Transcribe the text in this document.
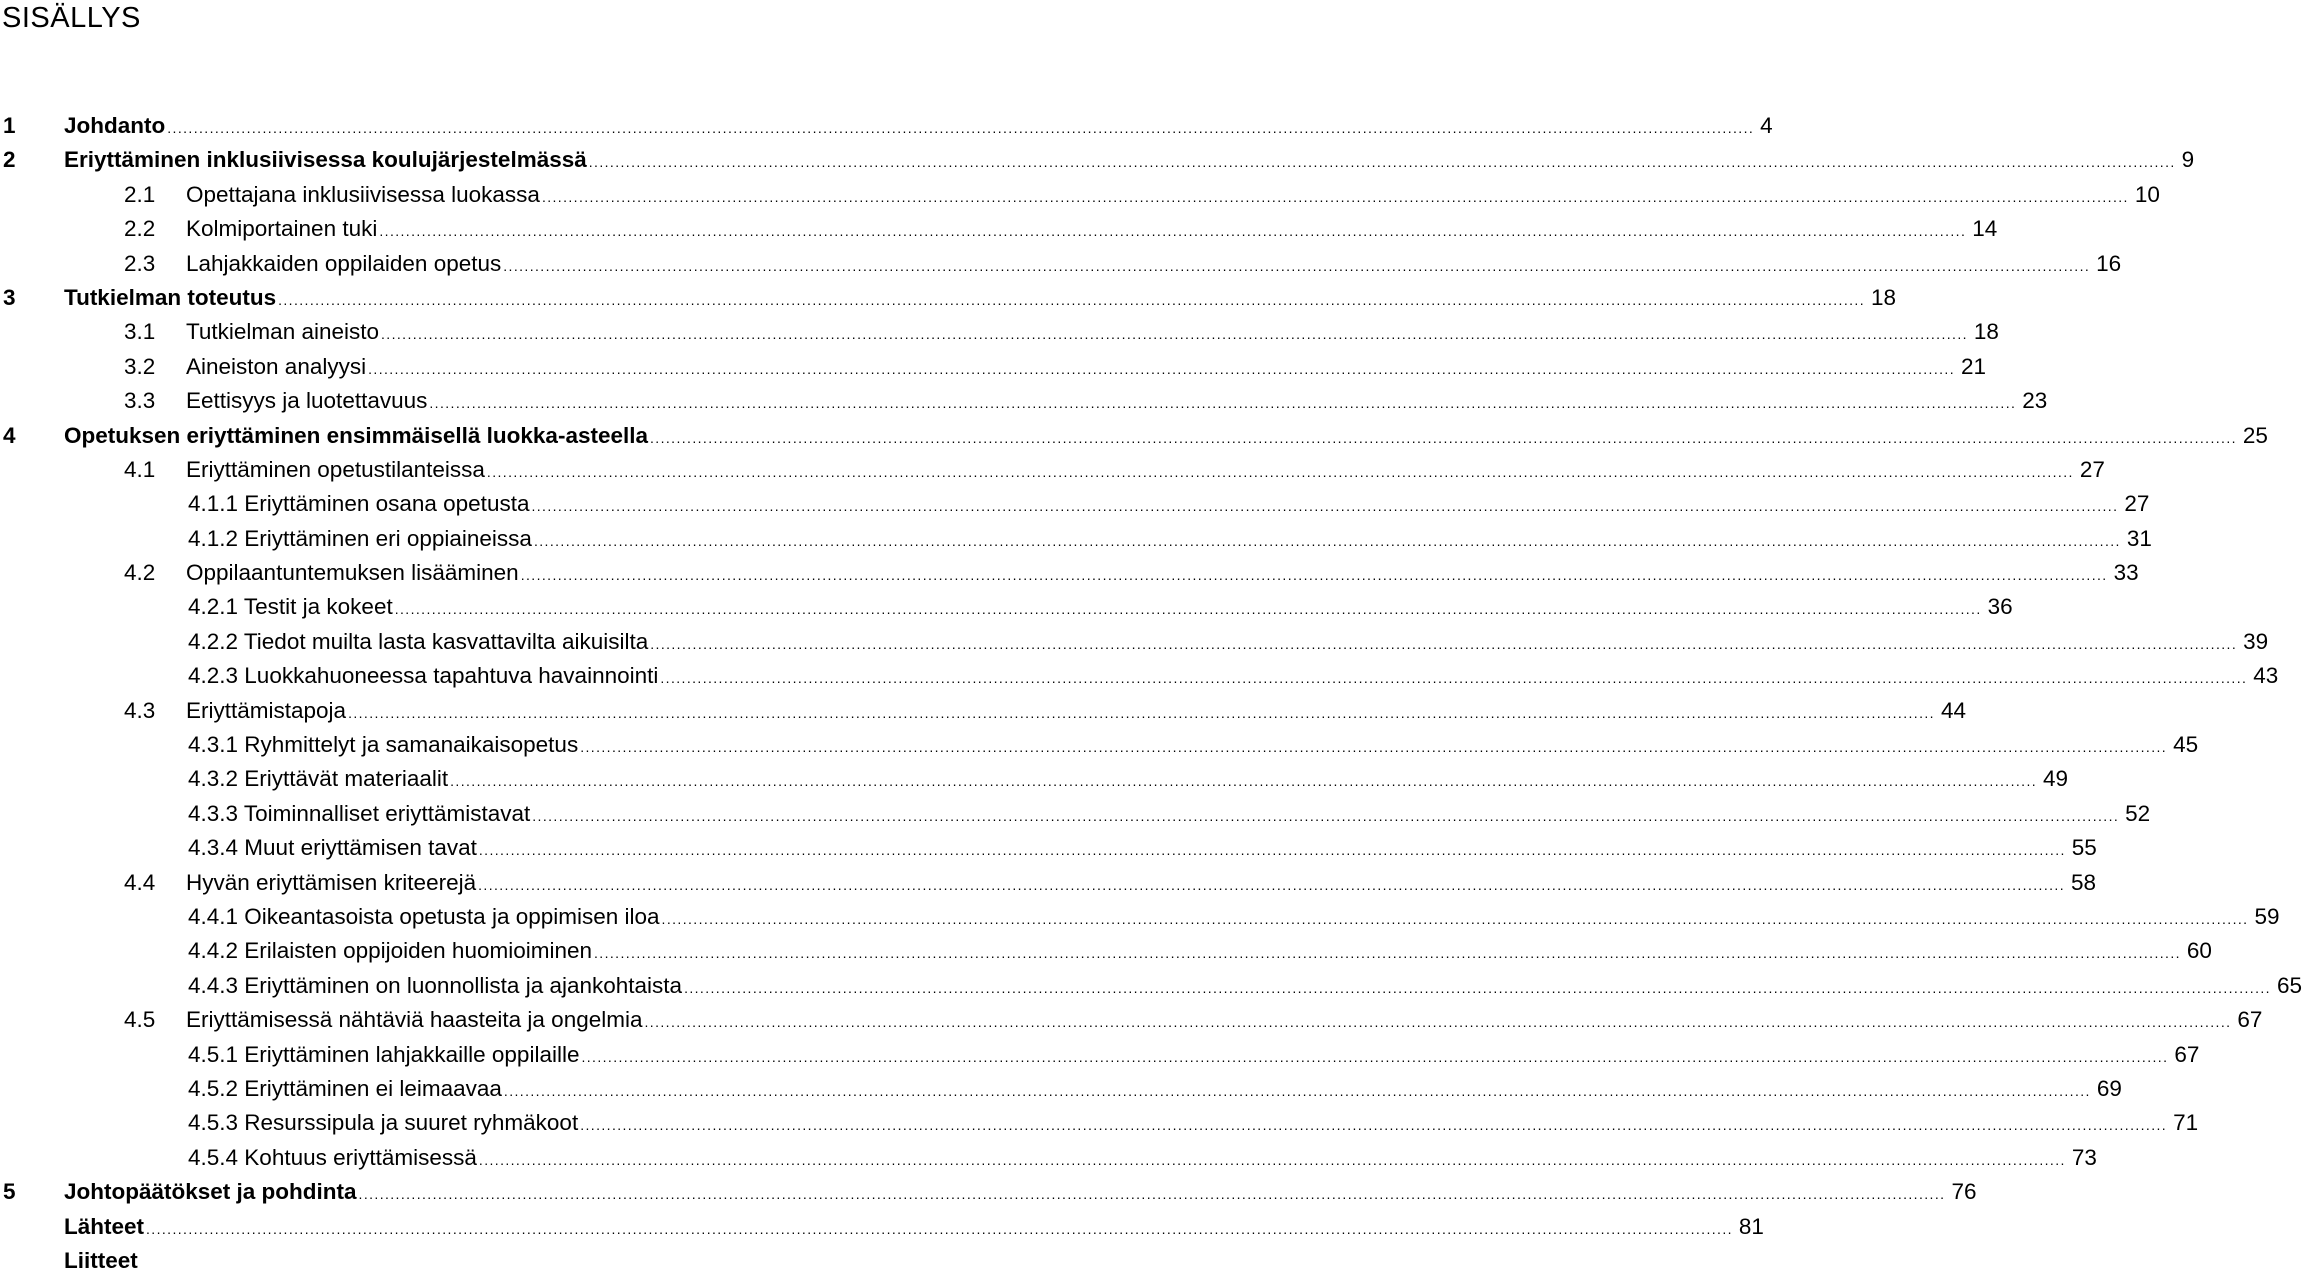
SISÄLLYS
1 Johdanto ............................................................................................................................................................................................................................................................................................................ 4
2 Eriyttäminen inklusiivisessa koulujärjestelmässä ............................................................................................................................................................................................................................................................................................................ 9
2.1 Opettajana inklusiivisessa luokassa ............................................................................................................................................................................................................................................................................................................ 10
2.2 Kolmiportainen tuki ............................................................................................................................................................................................................................................................................................................ 14
2.3 Lahjakkaiden oppilaiden opetus ............................................................................................................................................................................................................................................................................................................ 16
3 Tutkielman toteutus ............................................................................................................................................................................................................................................................................................................ 18
3.1 Tutkielman aineisto ............................................................................................................................................................................................................................................................................................................ 18
3.2 Aineiston analyysi ............................................................................................................................................................................................................................................................................................................ 21
3.3 Eettisyys ja luotettavuus ............................................................................................................................................................................................................................................................................................................ 23
4 Opetuksen eriyttäminen ensimmäisellä luokka-asteella ............................................................................................................................................................................................................................................................................................................ 25
4.1 Eriyttäminen opetustilanteissa ............................................................................................................................................................................................................................................................................................................ 27
4.1.1 Eriyttäminen osana opetusta ............................................................................................................................................................................................................................................................................................................ 27
4.1.2 Eriyttäminen eri oppiaineissa ............................................................................................................................................................................................................................................................................................................ 31
4.2 Oppilaantuntemuksen lisääminen ............................................................................................................................................................................................................................................................................................................ 33
4.2.1 Testit ja kokeet ............................................................................................................................................................................................................................................................................................................ 36
4.2.2 Tiedot muilta lasta kasvattavilta aikuisilta ............................................................................................................................................................................................................................................................................................................ 39
4.2.3 Luokkahuoneessa tapahtuva havainnointi ............................................................................................................................................................................................................................................................................................................ 43
4.3 Eriyttämistapoja ............................................................................................................................................................................................................................................................................................................ 44
4.3.1 Ryhmittelyt ja samanaikaisopetus ............................................................................................................................................................................................................................................................................................................ 45
4.3.2 Eriyttävät materiaalit ............................................................................................................................................................................................................................................................................................................ 49
4.3.3 Toiminnalliset eriyttämistavat ............................................................................................................................................................................................................................................................................................................ 52
4.3.4 Muut eriyttämisen tavat ............................................................................................................................................................................................................................................................................................................ 55
4.4 Hyvän eriyttämisen kriteerejä ............................................................................................................................................................................................................................................................................................................ 58
4.4.1 Oikeantasoista opetusta ja oppimisen iloa ............................................................................................................................................................................................................................................................................................................ 59
4.4.2 Erilaisten oppijoiden huomioiminen ............................................................................................................................................................................................................................................................................................................ 60
4.4.3 Eriyttäminen on luonnollista ja ajankohtaista ............................................................................................................................................................................................................................................................................................................ 65
4.5 Eriyttämisessä nähtäviä haasteita ja ongelmia ............................................................................................................................................................................................................................................................................................................ 67
4.5.1 Eriyttäminen lahjakkaille oppilaille ............................................................................................................................................................................................................................................................................................................ 67
4.5.2 Eriyttäminen ei leimaavaa ............................................................................................................................................................................................................................................................................................................ 69
4.5.3 Resurssipula ja suuret ryhmäkoot ............................................................................................................................................................................................................................................................................................................ 71
4.5.4 Kohtuus eriyttämisessä ............................................................................................................................................................................................................................................................................................................ 73
5 Johtopäätökset ja pohdinta ............................................................................................................................................................................................................................................................................................................ 76
Lähteet ............................................................................................................................................................................................................................................................................................................ 81
Liitteet
